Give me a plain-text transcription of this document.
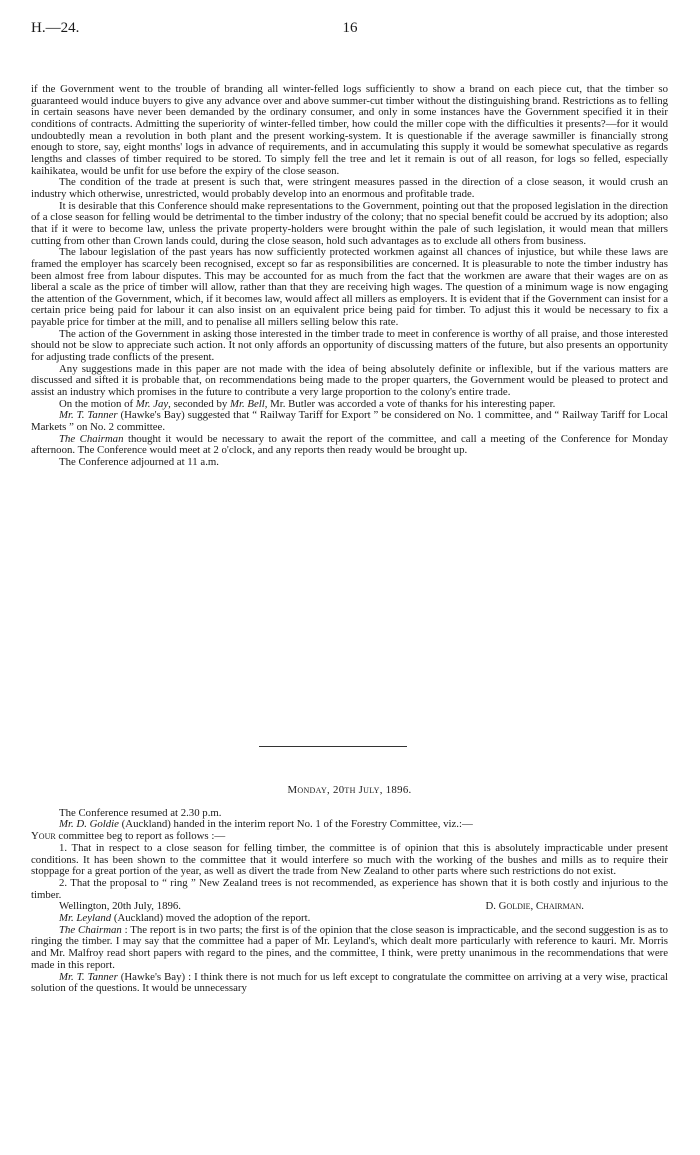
H.—24.	16

if the Government went to the trouble of branding all winter-felled logs sufficiently to show a brand on each piece cut, that the timber so guaranteed would induce buyers to give any advance over and above summer-cut timber without the distinguishing brand. Restrictions as to felling in certain seasons have never been demanded by the ordinary consumer, and only in some instances have the Government specified it in their conditions of contracts. Admitting the superiority of winter-felled timber, how could the miller cope with the difficulties it presents?—for it would undoubtedly mean a revolution in both plant and the present working-system. It is questionable if the average sawmiller is financially strong enough to store, say, eight months' logs in advance of requirements, and in accumulating this supply it would be somewhat speculative as regards lengths and classes of timber required to be stored. To simply fell the tree and let it remain is out of all reason, for logs so felled, especially kaihikatea, would be unfit for use before the expiry of the close season.

The condition of the trade at present is such that, were stringent measures passed in the direction of a close season, it would crush an industry which otherwise, unrestricted, would probably develop into an enormous and profitable trade.

It is desirable that this Conference should make representations to the Government, pointing out that the proposed legislation in the direction of a close season for felling would be detrimental to the timber industry of the colony; that no special benefit could be accrued by its adoption; also that if it were to become law, unless the private property-holders were brought within the pale of such legislation, it would mean that millers cutting from other than Crown lands could, during the close season, hold such advantages as to exclude all others from business.

The labour legislation of the past years has now sufficiently protected workmen against all chances of injustice, but while these laws are framed the employer has scarcely been recognised, except so far as responsibilities are concerned. It is pleasurable to note the timber industry has been almost free from labour disputes. This may be accounted for as much from the fact that the workmen are aware that their wages are on as liberal a scale as the price of timber will allow, rather than that they are receiving high wages. The question of a minimum wage is now engaging the attention of the Government, which, if it becomes law, would affect all millers as employers. It is evident that if the Government can insist for a certain price being paid for labour it can also insist on an equivalent price being paid for timber. To adjust this it would be necessary to fix a payable price for timber at the mill, and to penalise all millers selling below this rate.

The action of the Government in asking those interested in the timber trade to meet in conference is worthy of all praise, and those interested should not be slow to appreciate such action. It not only affords an opportunity of discussing matters of the future, but also presents an opportunity for adjusting trade conflicts of the present.

Any suggestions made in this paper are not made with the idea of being absolutely definite or inflexible, but if the various matters are discussed and sifted it is probable that, on recommendations being made to the proper quarters, the Government would be pleased to protect and assist an industry which promises in the future to contribute a very large proportion to the colony's entire trade.

On the motion of Mr. Jay, seconded by Mr. Bell, Mr. Butler was accorded a vote of thanks for his interesting paper.

Mr. T. Tanner (Hawke's Bay) suggested that “ Railway Tariff for Export ” be considered on No. 1 committee, and “ Railway Tariff for Local Markets ” on No. 2 committee.

The Chairman thought it would be necessary to await the report of the committee, and call a meeting of the Conference for Monday afternoon. The Conference would meet at 2 o'clock, and any reports then ready would be brought up.

The Conference adjourned at 11 a.m.

Monday, 20th July, 1896.

The Conference resumed at 2.30 p.m.

Mr. D. Goldie (Auckland) handed in the interim report No. 1 of the Forestry Committee, viz.:—

Your committee beg to report as follows :—

1. That in respect to a close season for felling timber, the committee is of opinion that this is absolutely impracticable under present conditions. It has been shown to the committee that it would interfere so much with the working of the bushes and mills as to require their stoppage for a great portion of the year, as well as divert the trade from New Zealand to other parts where such restrictions do not exist.

2. That the proposal to “ ring ” New Zealand trees is not recommended, as experience has shown that it is both costly and injurious to the timber.

Wellington, 20th July, 1896.	D. Goldie, Chairman.

Mr. Leyland (Auckland) moved the adoption of the report.

The Chairman : The report is in two parts; the first is of the opinion that the close season is impracticable, and the second suggestion is as to ringing the timber. I may say that the committee had a paper of Mr. Leyland's, which dealt more particularly with reference to kauri. Mr. Morris and Mr. Malfroy read short papers with regard to the pines, and the committee, I think, were pretty unanimous in the recommendations that were made in this report.

Mr. T. Tanner (Hawke's Bay) : I think there is not much for us left except to congratulate the committee on arriving at a very wise, practical solution of the questions. It would be unnecessary
